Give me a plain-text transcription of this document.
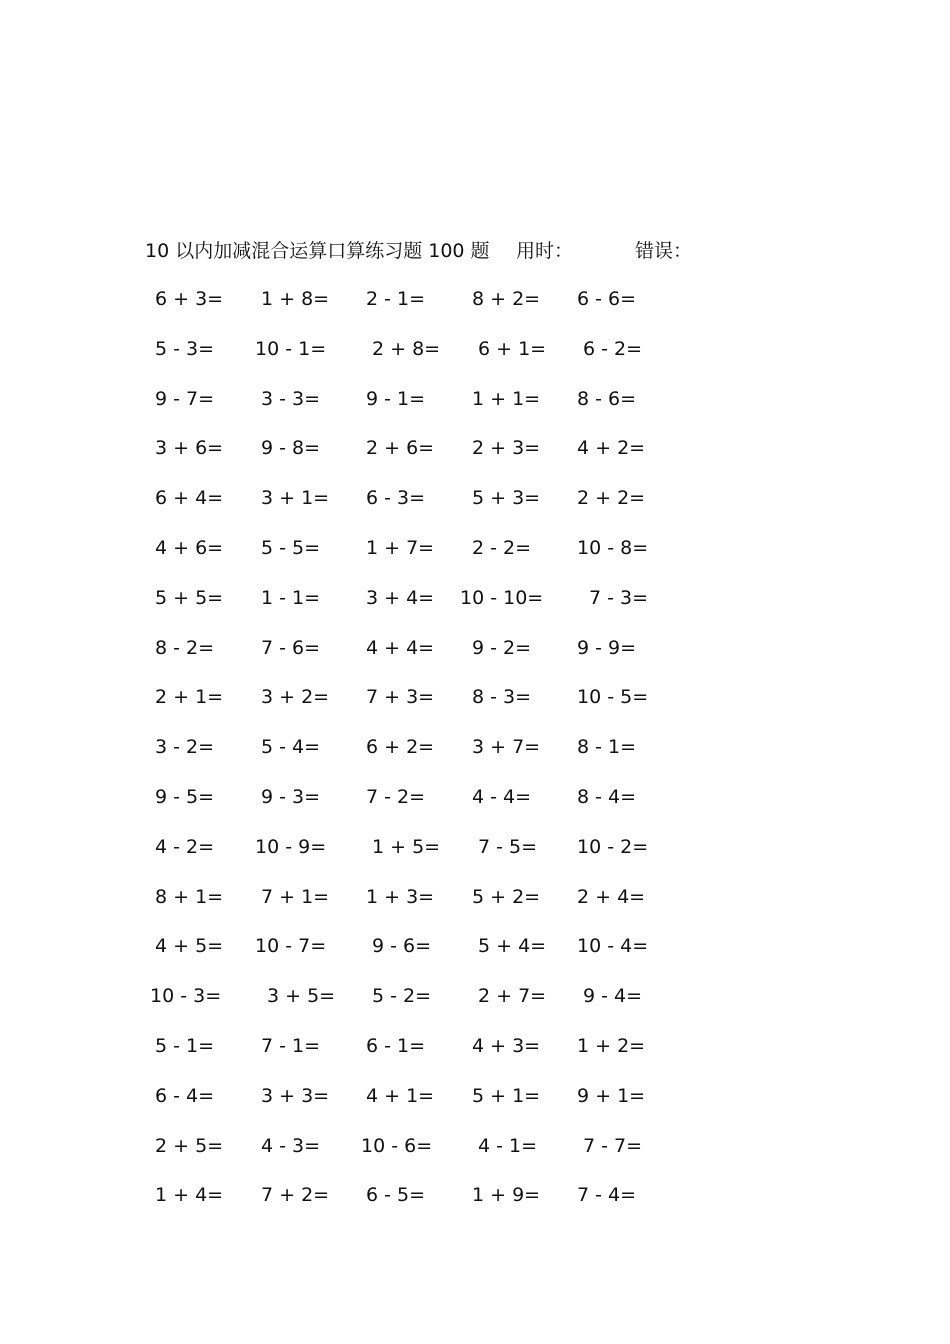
10 以内加减混合运算口算练习题 100 题 用时：	错误：
6 + 3= 1 + 8= 2 - 1= 8 + 2= 6 - 6=
5 - 3= 10 - 1= 2 + 8= 6 + 1= 6 - 2=
9 - 7= 3 - 3= 9 - 1= 1 + 1= 8 - 6=
3 + 6= 9 - 8= 2 + 6= 2 + 3= 4 + 2=
6 + 4= 3 + 1= 6 - 3= 5 + 3= 2 + 2=
4 + 6= 5 - 5= 1 + 7= 2 - 2= 10 - 8=
5 + 5= 1 - 1= 3 + 4= 10 - 10= 7 - 3=
8 - 2= 7 - 6= 4 + 4= 9 - 2= 9 - 9=
2 + 1= 3 + 2= 7 + 3= 8 - 3= 10 - 5=
3 - 2= 5 - 4= 6 + 2= 3 + 7= 8 - 1=
9 - 5= 9 - 3= 7 - 2= 4 - 4= 8 - 4=
4 - 2= 10 - 9= 1 + 5= 7 - 5= 10 - 2=
8 + 1= 7 + 1= 1 + 3= 5 + 2= 2 + 4=
4 + 5= 10 - 7= 9 - 6= 5 + 4= 10 - 4=
10 - 3= 3 + 5= 5 - 2= 2 + 7= 9 - 4=
5 - 1= 7 - 1= 6 - 1= 4 + 3= 1 + 2=
6 - 4= 3 + 3= 4 + 1= 5 + 1= 9 + 1=
2 + 5= 4 - 3= 10 - 6= 4 - 1= 7 - 7=
1 + 4= 7 + 2= 6 - 5= 1 + 9= 7 - 4=
